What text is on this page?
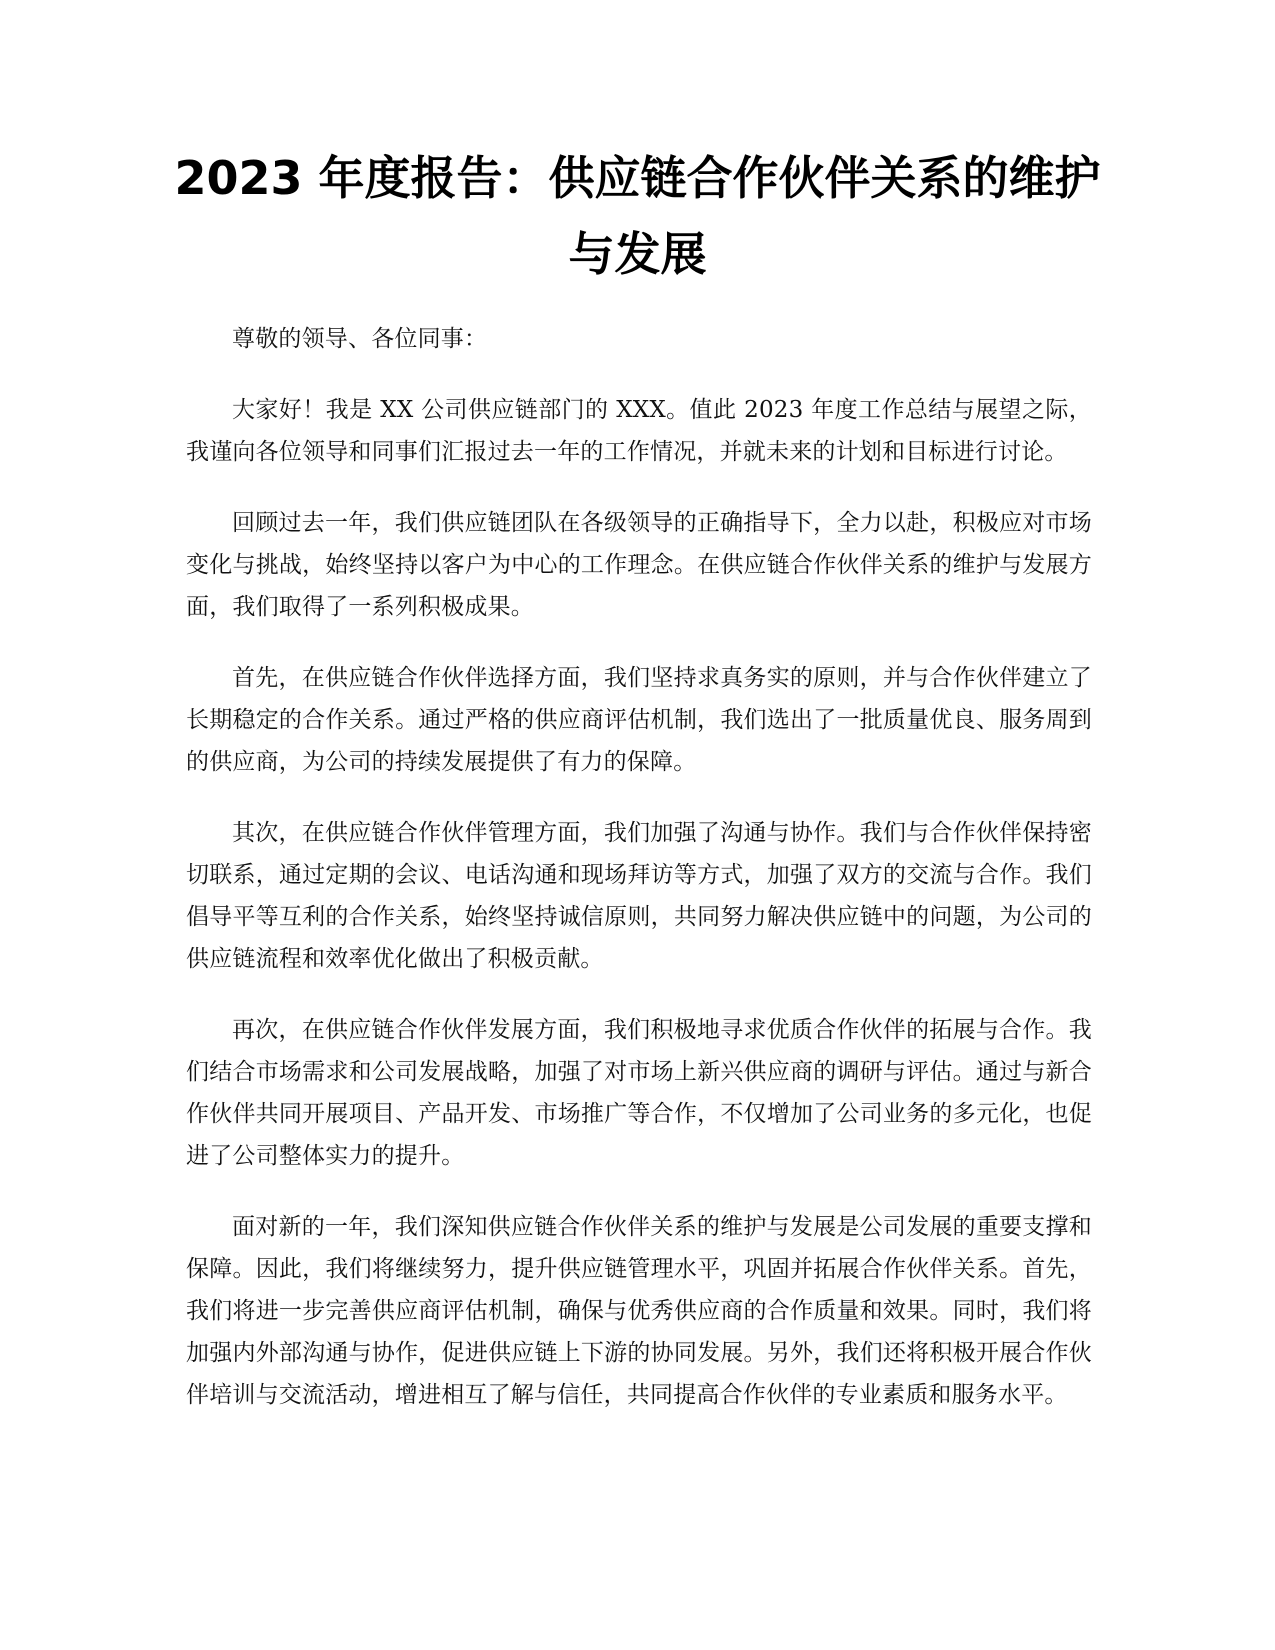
2023 年度报告：供应链合作伙伴关系的维护与发展

尊敬的领导、各位同事：

大家好！我是 XX 公司供应链部门的 XXX。值此 2023 年度工作总结与展望之际，我谨向各位领导和同事们汇报过去一年的工作情况，并就未来的计划和目标进行讨论。

回顾过去一年，我们供应链团队在各级领导的正确指导下，全力以赴，积极应对市场变化与挑战，始终坚持以客户为中心的工作理念。在供应链合作伙伴关系的维护与发展方面，我们取得了一系列积极成果。

首先，在供应链合作伙伴选择方面，我们坚持求真务实的原则，并与合作伙伴建立了长期稳定的合作关系。通过严格的供应商评估机制，我们选出了一批质量优良、服务周到的供应商，为公司的持续发展提供了有力的保障。

其次，在供应链合作伙伴管理方面，我们加强了沟通与协作。我们与合作伙伴保持密切联系，通过定期的会议、电话沟通和现场拜访等方式，加强了双方的交流与合作。我们倡导平等互利的合作关系，始终坚持诚信原则，共同努力解决供应链中的问题，为公司的供应链流程和效率优化做出了积极贡献。

再次，在供应链合作伙伴发展方面，我们积极地寻求优质合作伙伴的拓展与合作。我们结合市场需求和公司发展战略，加强了对市场上新兴供应商的调研与评估。通过与新合作伙伴共同开展项目、产品开发、市场推广等合作，不仅增加了公司业务的多元化，也促进了公司整体实力的提升。

面对新的一年，我们深知供应链合作伙伴关系的维护与发展是公司发展的重要支撑和保障。因此，我们将继续努力，提升供应链管理水平，巩固并拓展合作伙伴关系。首先，我们将进一步完善供应商评估机制，确保与优秀供应商的合作质量和效果。同时，我们将加强内外部沟通与协作，促进供应链上下游的协同发展。另外，我们还将积极开展合作伙伴培训与交流活动，增进相互了解与信任，共同提高合作伙伴的专业素质和服务水平。
